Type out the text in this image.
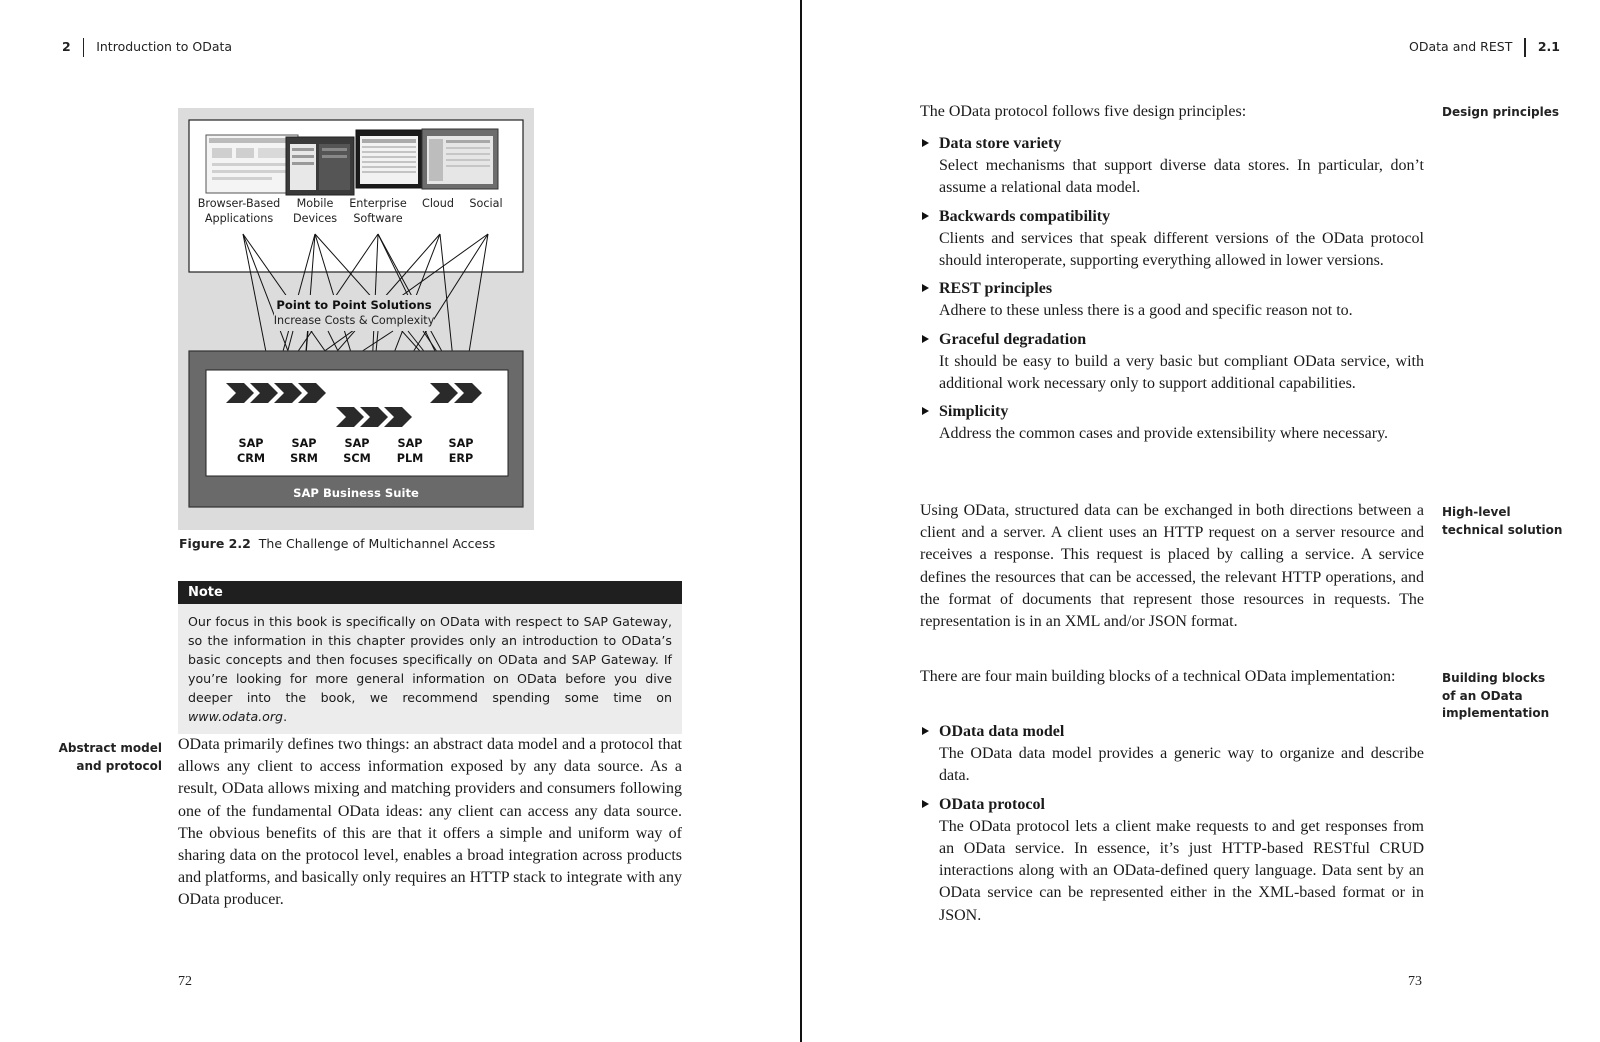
2 Introduction to OData
Browser-Based
Applications
Mobile
Devices
Enterprise
Software
Cloud Social
Point to Point Solutions
Increase Costs & Complexity
SAP
CRM
SAP
SRM
SAP
SCM
SAP
PLM
SAP
ERP
SAP Business Suite
Figure 2.2 The Challenge of Multichannel Access
Note
Our focus in this book is specifically on OData with respect to SAP Gateway, so the information in this chapter provides only an introduction to OData’s basic concepts and then focuses specifically on OData and SAP Gateway. If you’re looking for more general information on OData before you dive deeper into the book, we recommend spending some time on www.odata.org.
Abstract model
and protocol

OData primarily defines two things: an abstract data model and a protocol that allows any client to access information exposed by any data source. As a result, OData allows mixing and matching providers and consumers following one of the fundamental OData ideas: any client can access any data source. The obvious benefits of this are that it offers a simple and uniform way of sharing data on the protocol level, enables a broad integration across products and platforms, and basically only requires an HTTP stack to integrate with any OData producer.

72
OData and REST 2.1

The OData protocol follows five design principles:	Design principles
Data store variety
Select mechanisms that support diverse data stores. In particular, don’t assume a relational data model.
Backwards compatibility
Clients and services that speak different versions of the OData protocol should interoperate, supporting everything allowed in lower versions.
REST principles
Adhere to these unless there is a good and specific reason not to.
Graceful degradation
It should be easy to build a very basic but compliant OData service, with additional work necessary only to support additional capabilities.
Simplicity
Address the common cases and provide extensibility where necessary.
High-level
technical solution

Using OData, structured data can be exchanged in both directions between a client and a server. A client uses an HTTP request on a server resource and receives a response. This request is placed by calling a service. A service defines the resources that can be accessed, the relevant HTTP operations, and the format of documents that represent those resources in requests. The representation is in an XML and/or JSON format.

Building blocks
of an OData
implementation

There are four main building blocks of a technical OData implementation:

OData data model
The OData data model provides a generic way to organize and describe data.
OData protocol
The OData protocol lets a client make requests to and get responses from an OData service. In essence, it’s just HTTP-based RESTful CRUD interactions along with an OData-defined query language. Data sent by an OData service can be represented either in the XML-based format or in JSON.
73
